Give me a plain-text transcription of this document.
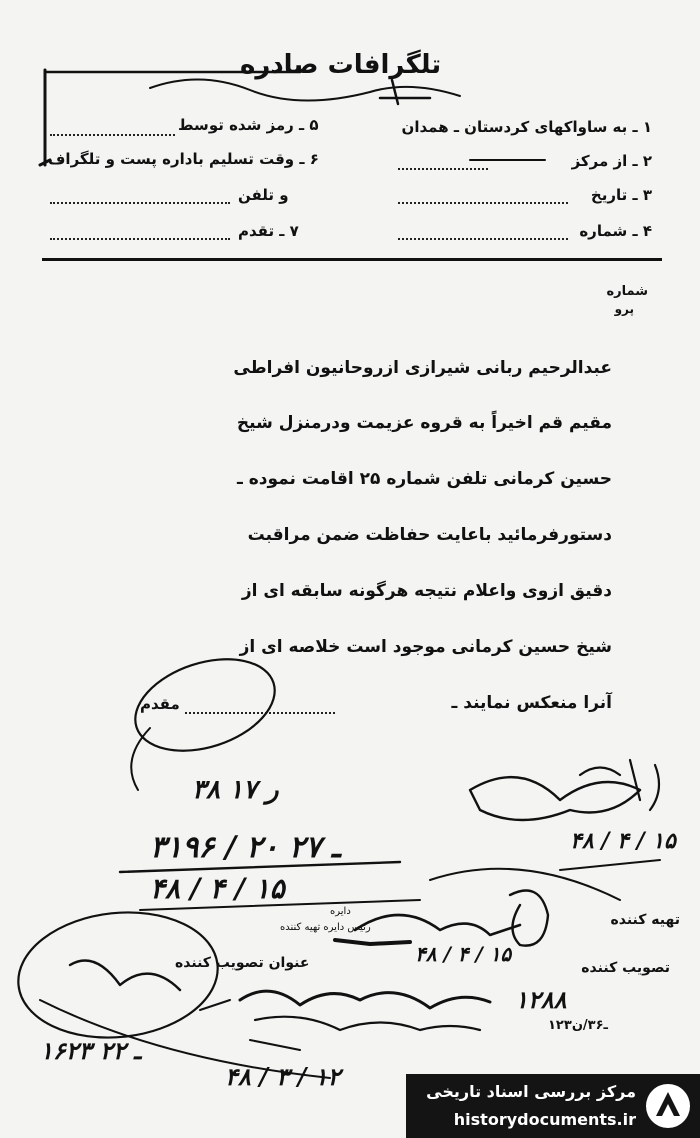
تلگرافات صادره
۱ ـ به ساواکهای کردستان ـ همدان
۲ ـ از مرکز
۳ ـ تاریخ
۴ ـ شماره
۵ ـ رمز شده توسط
۶ ـ وقت تسلیم باداره پست و تلگراف
و تلفن
۷ ـ تقدم
شماره
پرو
عبدالرحیم ربانی شیرازی ازروحانیون افراطی
مقیم قم اخیراً به قروه عزیمت ودرمنزل شیخ
حسین کرمانی تلفن شماره ۲۵ اقامت نموده ـ
دستورفرمائید باعایت حفاظت ضمن مراقبت
دقیق ازوی واعلام نتیجه هرگونه سابقه ای از
شیخ حسین کرمانی موجود است خلاصه ای از
آنرا منعکس نمایند ـ
مقدم
۳۸ ر ۱۷
۳۱۹۶ / ۲۰ ـ ۲۷
۴۸ / ۴ / ۱۵
۴۸ / ۴ / ۱۵
۴۸ / ۳ / ۱۲
۴۸ / ۴ / ۱۵
۱۲۸۸
۱۶۲۳ ـ ۲۲
۱۲۳ـ۳۶/ن
تهیه کننده
تصویب کننده
دایره
رئیس دایره تهیه کننده
عنوان تصویب کننده
مرکز بررسی اسناد تاریخی
historydocuments.ir
